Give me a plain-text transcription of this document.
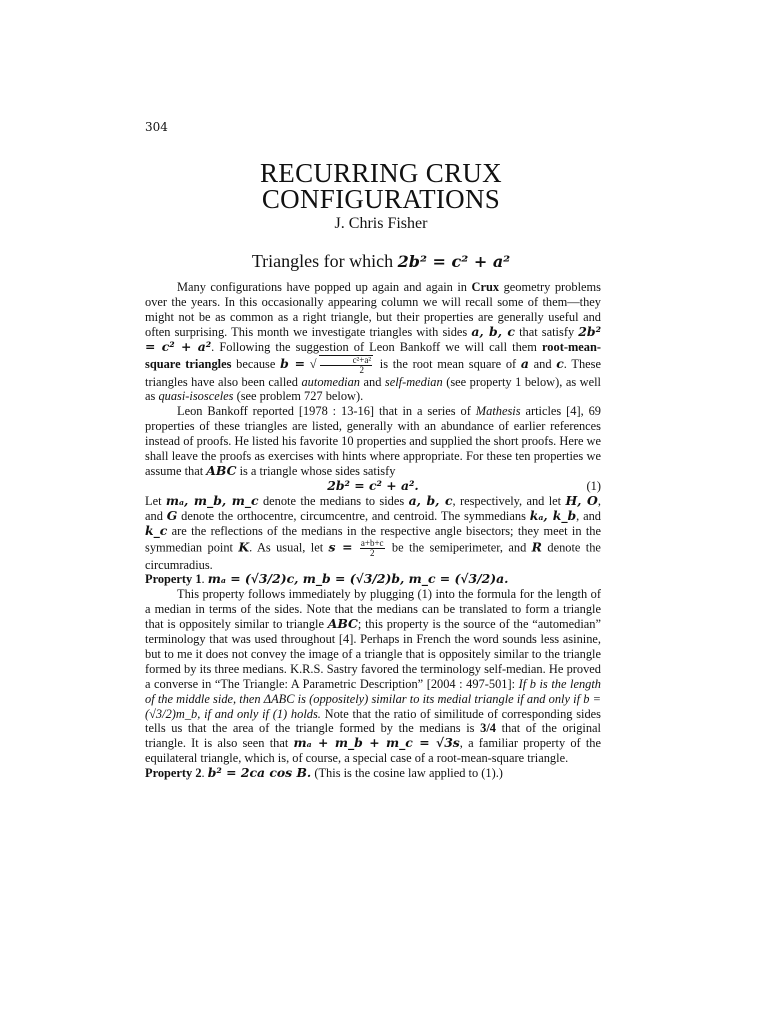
304
RECURRING CRUX
CONFIGURATIONS
J. Chris Fisher
Triangles for which 2b² = c² + a²

Many configurations have popped up again and again in Crux geometry problems over the years. In this occasionally appearing column we will recall some of them—they might not be as common as a right triangle, but their properties are generally useful and often surprising. This month we investigate triangles with sides a, b, c that satisfy 2b² = c² + a². Following the suggestion of Leon Bankoff we will call them root-mean-square triangles because b = √ $\frac{\text{c²+a²}}{2}$ is the root mean square of a and c. These triangles have also been called automedian and self-median (see property 1 below), as well as quasi-isosceles (see problem 727 below).

Leon Bankoff reported [1978 : 13-16] that in a series of Mathesis articles [4], 69 properties of these triangles are listed, generally with an abundance of earlier references instead of proofs. He listed his favorite 10 properties and supplied the short proofs. Here we shall leave the proofs as exercises with hints where appropriate. For these ten properties we assume that ABC is a triangle whose sides satisfy

2b² = c² + a².	(1)

Let mₐ, m_b, m_c denote the medians to sides a, b, c, respectively, and let H, O, and G denote the orthocentre, circumcentre, and centroid. The symmedians kₐ, k_b, and k_c are the reflections of the medians in the respective angle bisectors; they meet in the symmedian point K. As usual, let $s = \frac{a+b+c}{2}$ be the semiperimeter, and R denote the circumradius.

Property 1. mₐ = (√3/2)c, m_b = (√3/2)b, m_c = (√3/2)a.

This property follows immediately by plugging (1) into the formula for the length of a median in terms of the sides. Note that the medians can be translated to form a triangle that is oppositely similar to triangle ABC; this property is the source of the “automedian” terminology that was used throughout [4]. Perhaps in French the word sounds less asinine, but to me it does not convey the image of a triangle that is oppositely similar to the triangle formed by its three medians. K.R.S. Sastry favored the terminology self-median. He proved a converse in “The Triangle: A Parametric Description” [2004 : 497-501]: If b is the length of the middle side, then ΔABC is (oppositely) similar to its medial triangle if and only if b = (√3/2)m_b, if and only if (1) holds. Note that the ratio of similitude of corresponding sides tells us that the area of the triangle formed by the medians is 3/4 that of the original triangle. It is also seen that mₐ + m_b + m_c = √3s, a familiar property of the equilateral triangle, which is, of course, a special case of a root-mean-square triangle.

Property 2. b² = 2ca cos B. (This is the cosine law applied to (1).)
